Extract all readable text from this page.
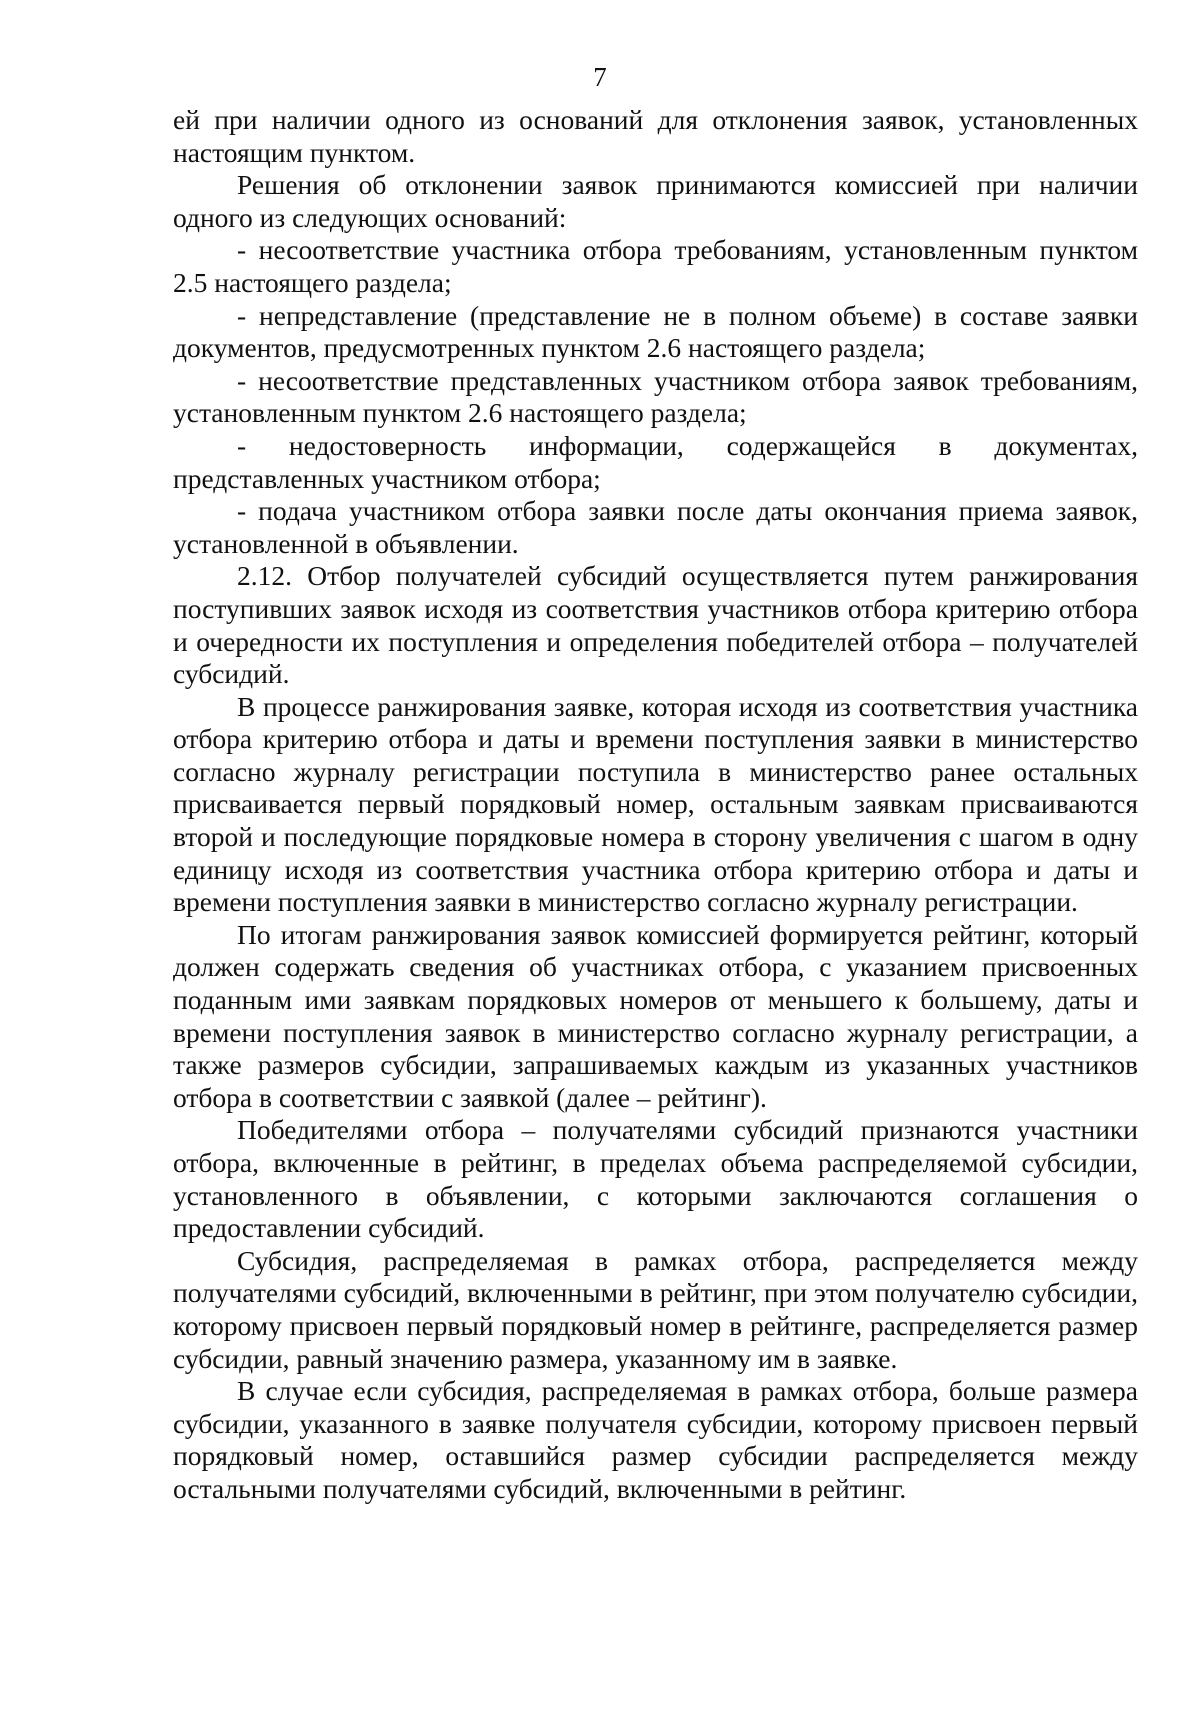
7

ей при наличии одного из оснований для отклонения заявок, установленных настоящим пунктом.

Решения об отклонении заявок принимаются комиссией при наличии одного из следующих оснований:

- несоответствие участника отбора требованиям, установленным пунктом 2.5 настоящего раздела;

- непредставление (представление не в полном объеме) в составе заявки документов, предусмотренных пунктом 2.6 настоящего раздела;

- несоответствие представленных участником отбора заявок требованиям, установленным пунктом 2.6 настоящего раздела;

- недостоверность информации, содержащейся в документах, представленных участником отбора;

- подача участником отбора заявки после даты окончания приема заявок, установленной в объявлении.

2.12. Отбор получателей субсидий осуществляется путем ранжирования поступивших заявок исходя из соответствия участников отбора критерию отбора и очередности их поступления и определения победителей отбора – получателей субсидий.

В процессе ранжирования заявке, которая исходя из соответствия участника отбора критерию отбора и даты и времени поступления заявки в министерство согласно журналу регистрации поступила в министерство ранее остальных присваивается первый порядковый номер, остальным заявкам присваиваются второй и последующие порядковые номера в сторону увеличения с шагом в одну единицу исходя из соответствия участника отбора критерию отбора и даты и времени поступления заявки в министерство согласно журналу регистрации.

По итогам ранжирования заявок комиссией формируется рейтинг, который должен содержать сведения об участниках отбора, с указанием присвоенных поданным ими заявкам порядковых номеров от меньшего к большему, даты и времени поступления заявок в министерство согласно журналу регистрации, а также размеров субсидии, запрашиваемых каждым из указанных участников отбора в соответствии с заявкой (далее – рейтинг).

Победителями отбора – получателями субсидий признаются участники отбора, включенные в рейтинг, в пределах объема распределяемой субсидии, установленного в объявлении, с которыми заключаются соглашения о предоставлении субсидий.

Субсидия, распределяемая в рамках отбора, распределяется между получателями субсидий, включенными в рейтинг, при этом получателю субсидии, которому присвоен первый порядковый номер в рейтинге, распределяется размер субсидии, равный значению размера, указанному им в заявке.

В случае если субсидия, распределяемая в рамках отбора, больше размера субсидии, указанного в заявке получателя субсидии, которому присвоен первый порядковый номер, оставшийся размер субсидии распределяется между остальными получателями субсидий, включенными в рейтинг.
